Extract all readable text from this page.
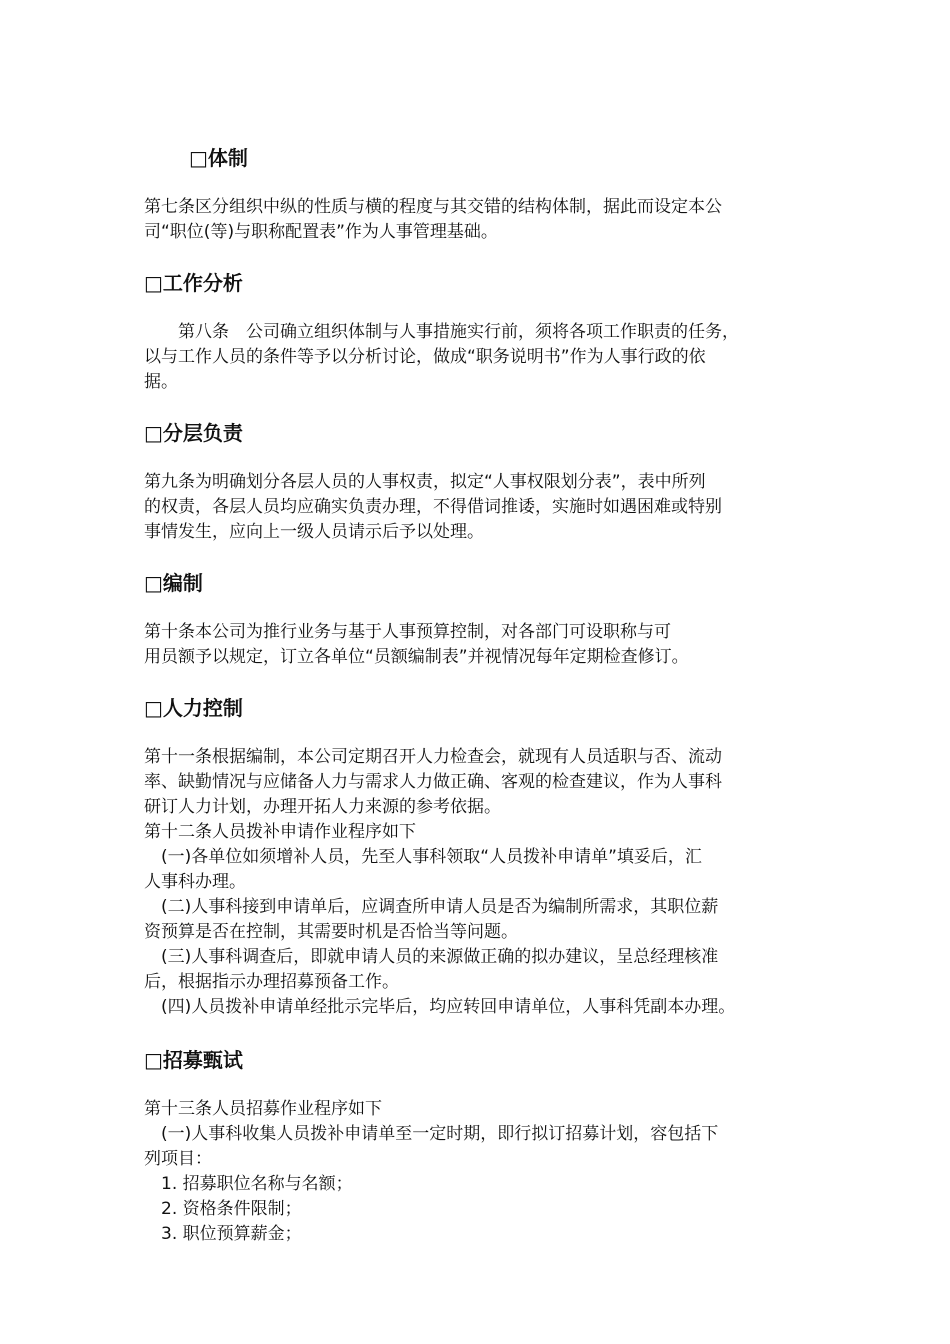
□体制
第七条区分组织中纵的性质与横的程度与其交错的结构体制，据此而设定本公
司“职位(等)与职称配置表”作为人事管理基础。
□工作分析
　　第八条　公司确立组织体制与人事措施实行前，须将各项工作职责的任务，
以与工作人员的条件等予以分析讨论，做成“职务说明书”作为人事行政的依
据。
□分层负责
第九条为明确划分各层人员的人事权责，拟定“人事权限划分表”，表中所列
的权责，各层人员均应确实负责办理，不得借词推诿，实施时如遇困难或特别
事情发生，应向上一级人员请示后予以处理。
□编制
第十条本公司为推行业务与基于人事预算控制，对各部门可设职称与可
用员额予以规定，订立各单位“员额编制表”并视情况每年定期检查修订。
□人力控制
第十一条根据编制，本公司定期召开人力检查会，就现有人员适职与否、流动
率、缺勤情况与应储备人力与需求人力做正确、客观的检查建议，作为人事科
研订人力计划，办理开拓人力来源的参考依据。
第十二条人员拨补申请作业程序如下
　(一)各单位如须增补人员，先至人事科领取“人员拨补申请单”填妥后，汇
人事科办理。
　(二)人事科接到申请单后，应调查所申请人员是否为编制所需求，其职位薪
资预算是否在控制，其需要时机是否恰当等问题。
　(三)人事科调查后，即就申请人员的来源做正确的拟办建议，呈总经理核准
后，根据指示办理招募预备工作。
　(四)人员拨补申请单经批示完毕后，均应转回申请单位，人事科凭副本办理。
□招募甄试
第十三条人员招募作业程序如下
　(一)人事科收集人员拨补申请单至一定时期，即行拟订招募计划，容包括下
列项目：
　1. 招募职位名称与名额；
　2. 资格条件限制；
　3. 职位预算薪金；
